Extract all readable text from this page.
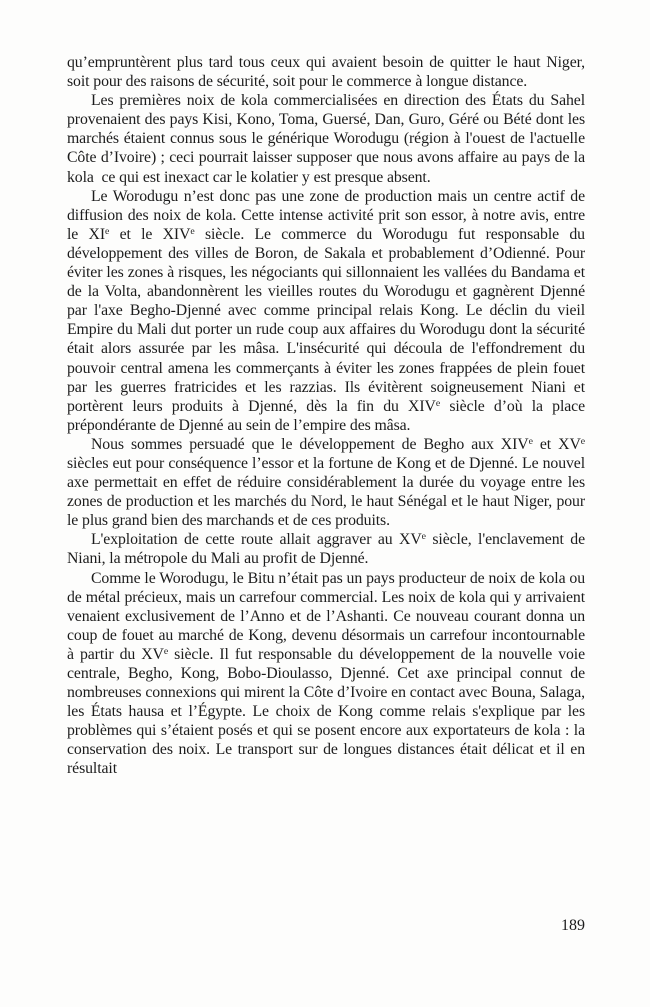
qu’empruntèrent plus tard tous ceux qui avaient besoin de quitter le haut Niger, soit pour des raisons de sécurité, soit pour le commerce à longue distance.

Les premières noix de kola commercialisées en direction des États du Sahel provenaient des pays Kisi, Kono, Toma, Guersé, Dan, Guro, Géré ou Bété dont les marchés étaient connus sous le générique Worodugu (région à l'ouest de l'actuelle Côte d’Ivoire) ; ceci pourrait laisser supposer que nous avons affaire au pays de la kola  ce qui est inexact car le kolatier y est presque absent.

Le Worodugu n’est donc pas une zone de production mais un centre actif de diffusion des noix de kola. Cette intense activité prit son essor, à notre avis, entre le XIe et le XIVe siècle. Le commerce du Worodugu fut responsable du développement des villes de Boron, de Sakala et probablement d’Odienné. Pour éviter les zones à risques, les négociants qui sillonnaient les vallées du Bandama et de la Volta, abandonnèrent les vieilles routes du Worodugu et gagnèrent Djenné par l'axe Begho-Djenné avec comme principal relais Kong. Le déclin du vieil Empire du Mali dut porter un rude coup aux affaires du Worodugu dont la sécurité était alors assurée par les mâsa. L'insécurité qui découla de l'effondrement du pouvoir central amena les commerçants à éviter les zones frappées de plein fouet par les guerres fratricides et les razzias. Ils évitèrent soigneusement Niani et portèrent leurs produits à Djenné, dès la fin du XIVe siècle d’où la place prépondérante de Djenné au sein de l’empire des mâsa.

Nous sommes persuadé que le développement de Begho aux XIVe et XVe siècles eut pour conséquence l’essor et la fortune de Kong et de Djenné. Le nouvel axe permettait en effet de réduire considérablement la durée du voyage entre les zones de production et les marchés du Nord, le haut Sénégal et le haut Niger, pour le plus grand bien des marchands et de ces produits.

L'exploitation de cette route allait aggraver au XVe siècle, l'enclavement de Niani, la métropole du Mali au profit de Djenné.

Comme le Worodugu, le Bitu n’était pas un pays producteur de noix de kola ou de métal précieux, mais un carrefour commercial. Les noix de kola qui y arrivaient venaient exclusivement de l’Anno et de l’Ashanti. Ce nouveau courant donna un coup de fouet au marché de Kong, devenu désormais un carrefour incontournable à partir du XVe siècle. Il fut responsable du développement de la nouvelle voie centrale, Begho, Kong, Bobo-Dioulasso, Djenné. Cet axe principal connut de nombreuses connexions qui mirent la Côte d’Ivoire en contact avec Bouna, Salaga, les États hausa et l’Égypte. Le choix de Kong comme relais s'explique par les problèmes qui s’étaient posés et qui se posent encore aux exportateurs de kola : la conservation des noix. Le transport sur de longues distances était délicat et il en résultait

189
